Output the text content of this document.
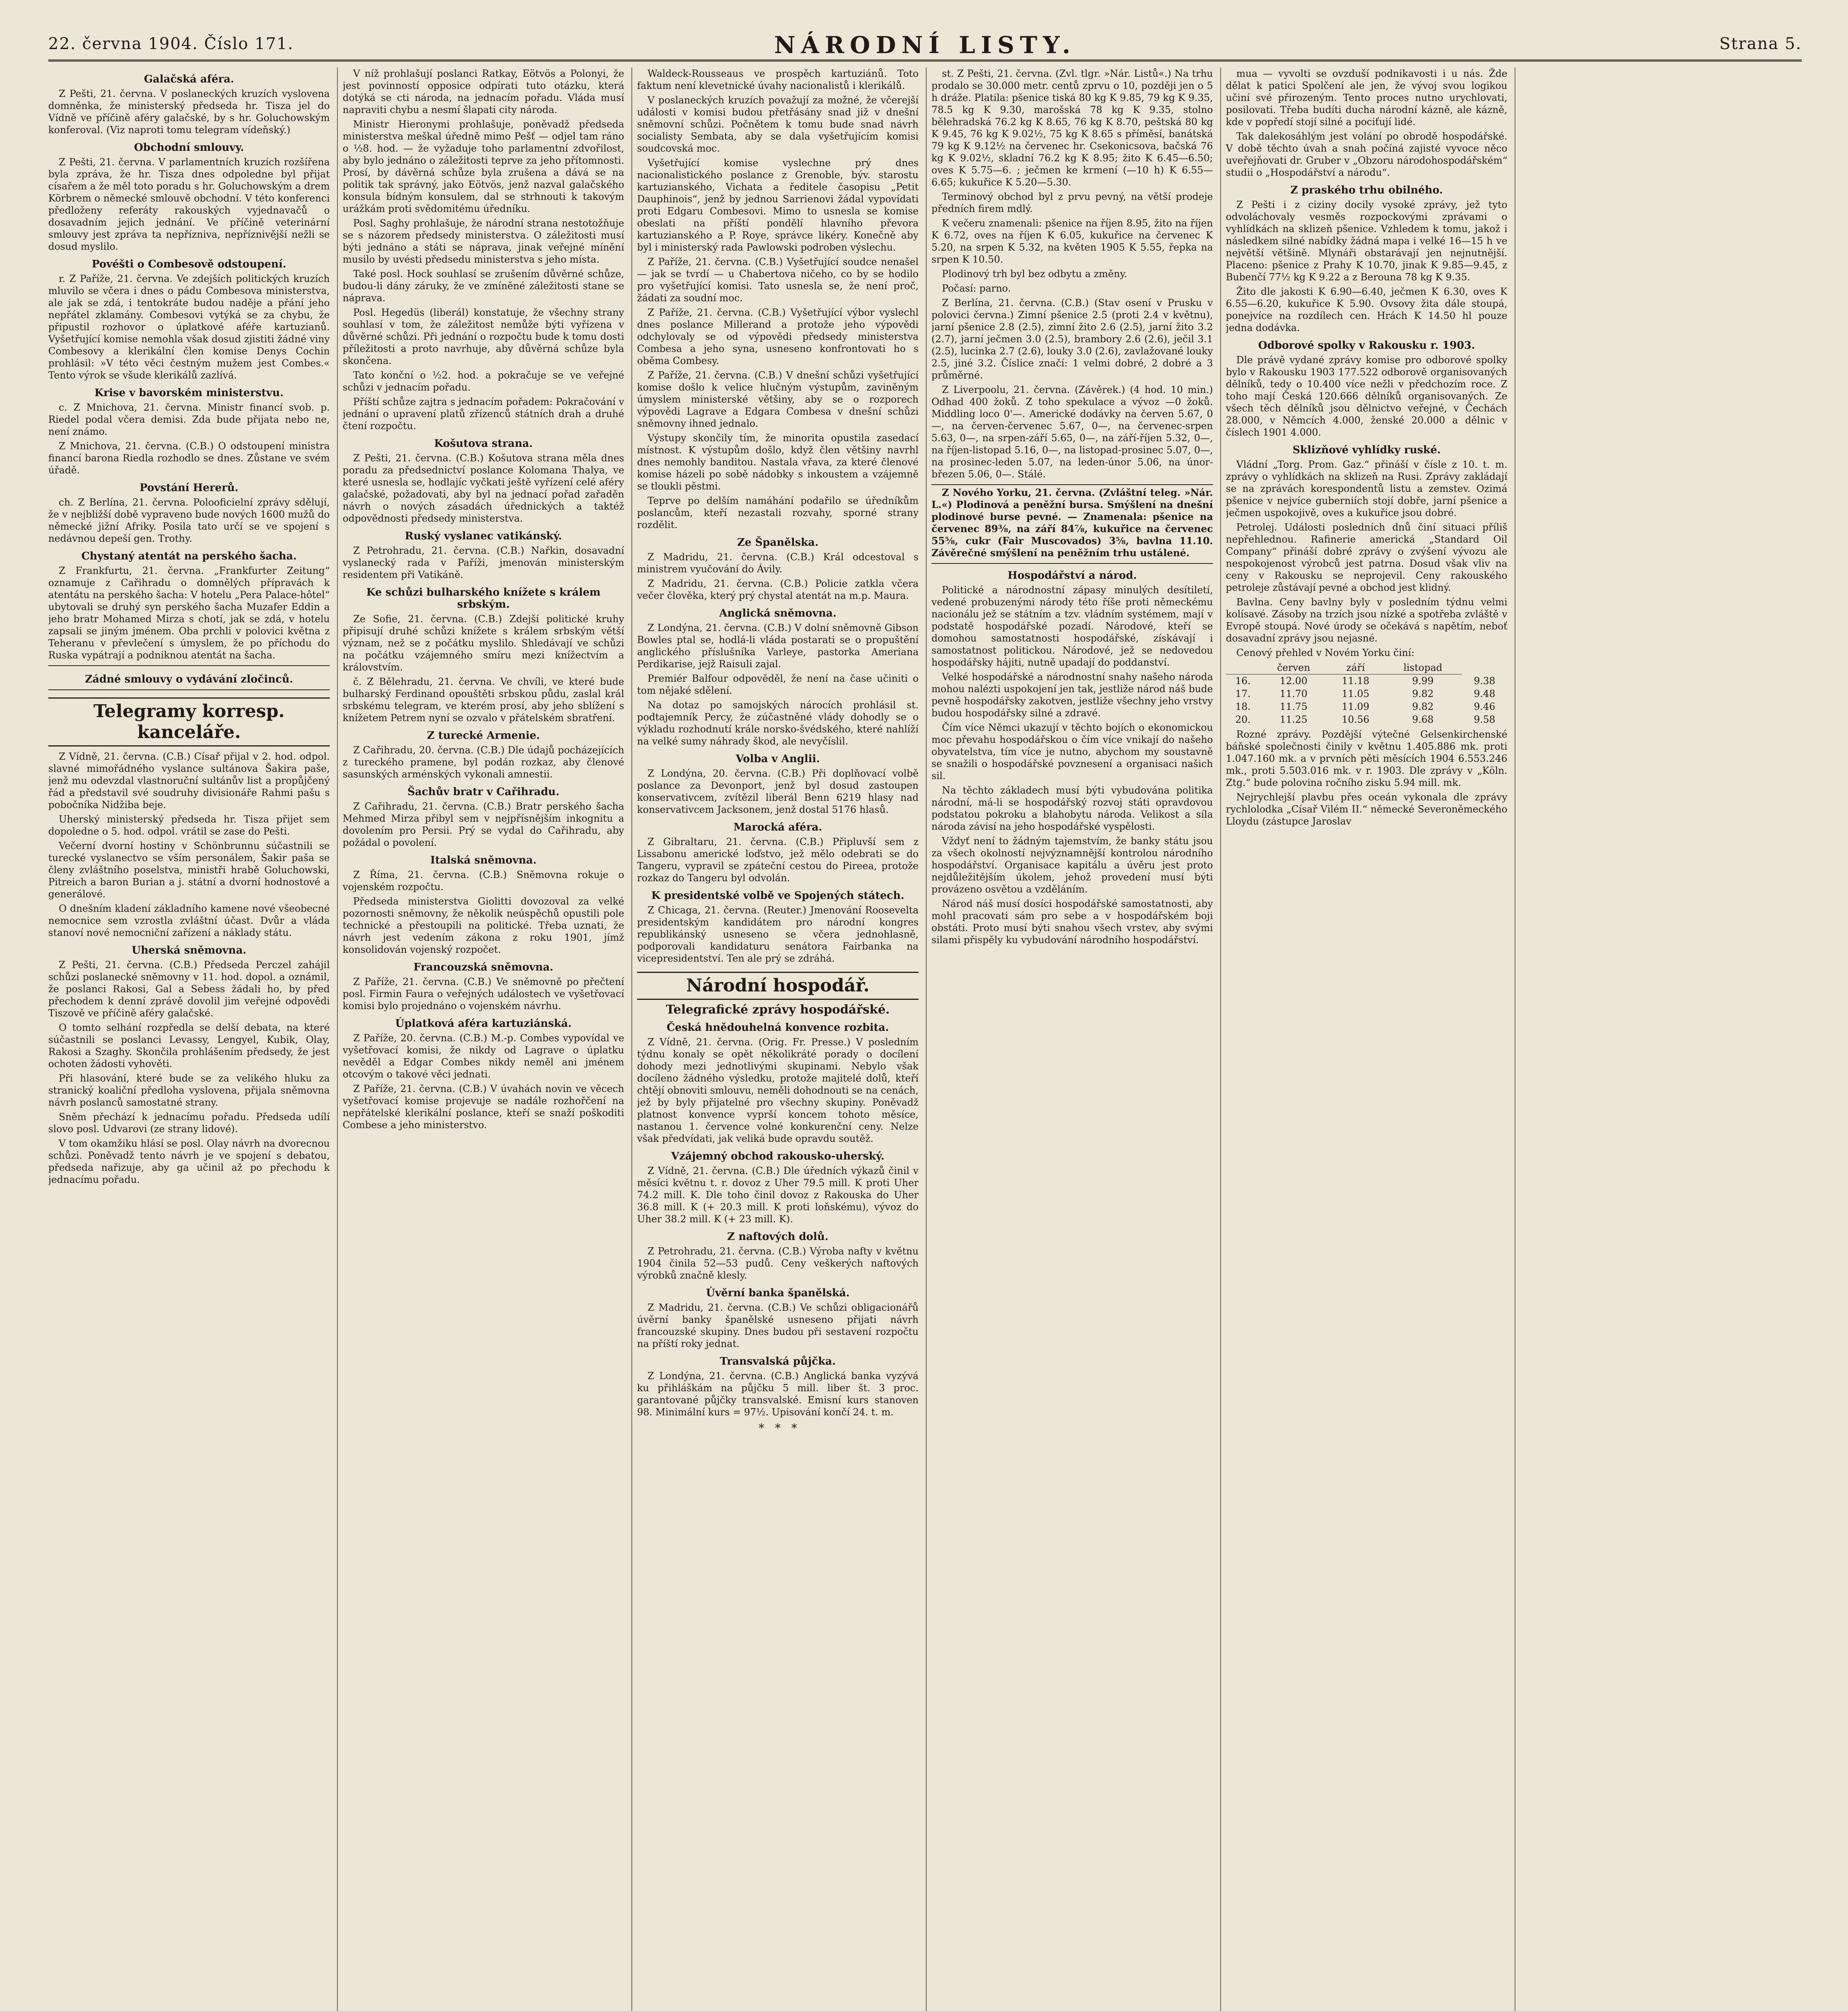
22. června 1904. Číslo 171.	NÁRODNÍ LISTY.	Strana 5.
Galačská aféra.

Z Pešti, 21. června. V poslaneckých kruzích vyslovena domněnka, že ministerský předseda hr. Tisza jel do Vídně ve příčině aféry galačské, by s hr. Goluchowským konferoval. (Viz naproti tomu telegram vídeňský.)

Obchodní smlouvy.

Z Pešti, 21. června. V parlamentních kruzích rozšířena byla zpráva, že hr. Tisza dnes odpoledne byl přijat císařem a že měl toto poradu s hr. Goluchowským a drem Körbrem o německé smlouvě obchodní. V této konferenci předloženy referáty rakouských vyjednavačů o dosavadním jejich jednání. Ve příčině veterinární smlouvy jest zpráva ta nepřízniva, nepříznivější nežli se dosud myslilo.

Povéšti o Combesově odstoupení.

r. Z Paříže, 21. června. Ve zdejších politických kruzích mluvilo se včera i dnes o pádu Combesova ministerstva, ale jak se zdá, i tentokráte budou naděje a přání jeho nepřátel zklamány. Combesovi vytýká se za chybu, že připustil rozhovor o úplatkové aféře kartuzianů. Vyšetřující komise nemohla však dosud zjistiti žádné viny Combesovy a klerikální člen komise Denys Cochin prohlásil: »V této věci čestným mužem jest Combes.« Tento výrok se všude klerikálů zazlívá.

Krise v bavorském ministerstvu.

c. Z Mnichova, 21. června. Ministr financí svob. p. Riedel podal včera demisi. Zda bude přijata nebo ne, není známo.

Z Mnichova, 21. června. (C.B.) O odstoupení ministra financí barona Riedla rozhodlo se dnes. Zůstane ve svém úřadě.

Povstání Hererů.

ch. Z Berlína, 21. června. Polooficielní zprávy sdělují, že v nejbližší době vypraveno bude nových 1600 mužů do německé jižní Afriky. Posila tato určí se ve spojení s nedávnou depeší gen. Trothy.

Chystaný atentát na perského šacha.

Z Frankfurtu, 21. června. „Frankfurter Zeitung“ oznamuje z Cařihradu o domnělých přípravách k atentátu na perského šacha: V hotelu „Pera Palace-hôtel“ ubytovali se druhý syn perského šacha Muzafer Eddin a jeho bratr Mohamed Mirza s chotí, jak se zdá, v hotelu zapsali se jiným jménem. Oba prchli v polovici května z Teheranu v převlečení s úmyslem, že po příchodu do Ruska vypátrají a podniknou atentát na šacha.

Zádné smlouvy o vydávání zločinců.
Telegramy korresp. kanceláře.

Z Vídně, 21. června. (C.B.) Císař přijal v 2. hod. odpol. slavné mimořádného vyslance sultánova Šakira paše, jenž mu odevzdal vlastnoruční sultánův list a propůjčený řád a představil své soudruhy divisionáře Rahmi pašu s pobočníka Nidžiba beje.

Uherský ministerský předseda hr. Tisza přijet sem dopoledne o 5. hod. odpol. vrátil se zase do Pešti.

Večerní dvorní hostiny v Schönbrunnu súčastnili se turecké vyslanectvo se vším personálem, Šakir paša se členy zvláštního poselstva, ministři hrabě Goluchowski, Pitreich a baron Burian a j. státní a dvorní hodnostové a generálové.

O dnešním kladení základního kamene nové všeobecné nemocnice sem vzrostla zvláštní účast. Dvůr a vláda stanoví nové nemocniční zařízení a náklady státu.

Uherská sněmovna.

Z Pešti, 21. června. (C.B.) Předseda Perczel zahájil schůzi poslanecké sněmovny v 11. hod. dopol. a oznámil, že poslanci Rakosi, Gal a Sebess žádali ho, by před přechodem k denní zprávě dovolil jim veřejné odpovědi Tiszově ve příčině aféry galačské.

O tomto selhání rozpředla se delší debata, na které súčastnili se poslanci Levassy, Lengyel, Kubik, Olay, Rakosi a Szaghy. Skončila prohlášením předsedy, že jest ochoten žádosti vyhověti.

Při hlasování, které bude se za velikého hluku za stranický koaliční předloha vyslovena, přijala sněmovna návrh poslanců samostatné strany.

Sněm přechází k jednacímu pořadu. Předseda udílí slovo posl. Udvarovi (ze strany lidové).

V tom okamžiku hlásí se posl. Olay návrh na dvorecnou schůzi. Poněvadž tento návrh je ve spojení s debatou, předseda nařizuje, aby ga učinil až po přechodu k jednacímu pořadu.

V níž prohlašují poslanci Ratkay, Eötvös a Polonyi, že jest povinností opposice odpírati tuto otázku, která dotýká se cti národa, na jednacím pořadu. Vláda musí napraviti chybu a nesmí šlapati city národa.

Ministr Hieronymi prohlašuje, poněvadž předseda ministerstva meškal úředně mimo Pešť — odjel tam ráno o ½8. hod. — že vyžaduje toho parlamentní zdvořilost, aby bylo jednáno o záležitosti teprve za jeho přítomnosti. Prosí, by dávěrná schůze byla zrušena a dává se na politik tak správný, jako Eötvös, jenž nazval galačského konsula bídným konsulem, dal se strhnouti k takovým urážkám proti svědomitému úředníku.

Posl. Saghy prohlašuje, že národní strana nestotožňuje se s názorem předsedy ministerstva. O záležitosti musí býti jednáno a státi se náprava, jinak veřejné mínění musilo by uvésti předsedu ministerstva s jeho místa.

Také posl. Hock souhlasí se zrušením důvěrné schůze, budou-li dány záruky, že ve zmíněné záležitosti stane se náprava.

Posl. Hegedüs (liberál) konstatuje, že všechny strany souhlasí v tom, že záležitost nemůže býti vyřízena v důvěrné schůzi. Při jednání o rozpočtu bude k tomu dosti příležitosti a proto navrhuje, aby důvěrná schůze byla skončena.

Tato konční o ½2. hod. a pokračuje se ve veřejné schůzi v jednacím pořadu.

Příští schůze zajtra s jednacím pořadem: Pokračování v jednání o upravení platů zřízenců státních drah a druhé čtení rozpočtu.

Košutova strana.

Z Pešti, 21. června. (C.B.) Košutova strana měla dnes poradu za předsednictví poslance Kolomana Thalya, ve které usnesla se, hodlajíc vyčkati ještě vyřízení celé aféry galačské, požadovati, aby byl na jednací pořad zařaděn návrh o nových zásadách úřednických a taktéž odpovědnosti předsedy ministerstva.

Ruský vyslanec vatikánský.

Z Petrohradu, 21. června. (C.B.) Nařkin, dosavadní vyslanecký rada v Paříži, jmenován ministerským residentem při Vatikáně.

Ke schůzi bulharského knížete s králem srbským.

Ze Sofie, 21. června. (C.B.) Zdejší politické kruhy připisují druhé schůzi knížete s králem srbským větší význam, než se z počátku myslilo. Shledávají ve schůzi na počátku vzájemného smíru mezi knížectvím a královstvím.

č. Z Bělehradu, 21. června. Ve chvíli, ve které bude bulharský Ferdinand opouštěti srbskou půdu, zaslal král srbskému telegram, ve kterém prosí, aby jeho sblížení s knížetem Petrem nyní se ozvalo v přátelském sbratření.

Z turecké Armenie.

Z Cařihradu, 20. června. (C.B.) Dle údajů pocházejících z tureckého pramene, byl podán rozkaz, aby členové sasunských arménských vykonali amnestii.

Šachův bratr v Cařihradu.

Z Cařihradu, 21. června. (C.B.) Bratr perského šacha Mehmed Mirza přibyl sem v nejpřísnějším inkognitu a dovolením pro Persii. Prý se vydal do Cařihradu, aby požádal o povolení.

Italská sněmovna.

Z Říma, 21. června. (C.B.) Sněmovna rokuje o vojenském rozpočtu.

Předseda ministerstva Giolitti dovozoval za velké pozornosti sněmovny, že několik neúspěchů opustili pole technické a přestoupili na politické. Třeba uznati, že návrh jest vedením zákona z roku 1901, jímž konsolidován vojenský rozpočet.

Francouzská sněmovna.

Z Paříže, 21. června. (C.B.) Ve sněmovně po přečtení posl. Firmin Faura o veřejných událostech ve vyšetřovací komisi bylo projednáno o vojenském návrhu.

Úplatková aféra kartuziánská.

Z Paříže, 20. června. (C.B.) M.-p. Combes vypovídal ve vyšetřovací komisi, že nikdy od Lagrave o úplatku nevěděl a Edgar Combes nikdy neměl ani jménem otcovým o takové věci jednati.

Z Paříže, 21. června. (C.B.) V úvahách novin ve věcech vyšetřovací komise projevuje se nadále rozhořčení na nepřátelské klerikální poslance, kteří se snaží poškoditi Combese a jeho ministerstvo.

Waldeck-Rousseaus ve prospěch kartuziánů. Toto faktum není klevetnické úvahy nacionalistů i klerikálů.

V poslaneckých kruzích považují za možné, že včerejší události v komisi budou přetřásány snad již v dnešní sněmovní schůzi. Počnětem k tomu bude snad návrh socialisty Sembata, aby se dala vyšetřujícím komisi soudcovská moc.

Vyšetřující komise vyslechne prý dnes nacionalistického poslance z Grenoble, býv. starostu kartuzianského, Vichata a ředitele časopisu „Petit Dauphinois“, jenž by jednou Sarrienovi žádal vypovídati proti Edgaru Combesovi. Mimo to usnesla se komise obeslati na příští pondělí hlavního převora kartuzianského a P. Roye, správce likéry. Konečně aby byl i ministerský rada Pawlowski podroben výslechu.

Z Paříže, 21. června. (C.B.) Vyšetřující soudce nenašel — jak se tvrdí — u Chabertova ničeho, co by se hodilo pro vyšetřující komisi. Tato usnesla se, že není proč, žádati za soudní moc.

Z Paříže, 21. června. (C.B.) Vyšetřující výbor vyslechl dnes poslance Millerand a protože jeho výpovědi odchylovaly se od výpovědi předsedy ministerstva Combesa a jeho syna, usneseno konfrontovati ho s oběma Combesy.

Z Paříže, 21. června. (C.B.) V dnešní schůzi vyšetřující komise došlo k velice hlučným výstupům, zaviněným úmyslem ministerské většiny, aby se o rozporech výpovědi Lagrave a Edgara Combesa v dnešní schůzi sněmovny ihned jednalo.

Výstupy skončily tím, že minorita opustila zasedací místnost. K výstupům došlo, když člen většiny navrhl dnes nemohly banditou. Nastala vřava, za které členové komise házeli po sobě nádobky s inkoustem a vzájemně se tloukli pěstmi.

Teprve po delším namáhání podařilo se úředníkům poslancům, kteří nezastali rozvahy, sporné strany rozdělit.

Ze Španělska.

Z Madridu, 21. června. (C.B.) Král odcestoval s ministrem vyučování do Ávily.

Z Madridu, 21. června. (C.B.) Policie zatkla včera večer člověka, který prý chystal atentát na m.p. Maura.

Anglická sněmovna.

Z Londýna, 21. června. (C.B.) V dolní sněmovně Gibson Bowles ptal se, hodlá-li vláda postarati se o propuštění anglického příslušníka Varleye, pastorka Ameriana Perdikarise, jejž Raisuli zajal.

Premiér Balfour odpověděl, že není na čase učiniti o tom nějaké sdělení.

Na dotaz po samojských nárocích prohlásil st. podtajemník Percy, že zúčastněné vlády dohodly se o výkladu rozhodnutí krále norsko-švédského, které nahlíží na velké sumy náhrady škod, ale nevyčíslil.

Volba v Anglii.

Z Londýna, 20. června. (C.B.) Při doplňovací volbě poslance za Devonport, jenž byl dosud zastoupen konservativcem, zvítězil liberál Benn 6219 hlasy nad konservativcem Jacksonem, jenž dostal 5176 hlasů.

Marocká aféra.

Z Gibraltaru, 21. června. (C.B.) Připluvší sem z Lissabonu americké loďstvo, jež mělo odebrati se do Tangeru, vypravil se zpáteční cestou do Pireea, protože rozkaz do Tangeru byl odvolán.

K presidentské volbě ve Spojených státech.

Z Chicaga, 21. června. (Reuter.) Jmenování Roosevelta presidentským kandidátem pro národní kongres republikánský usneseno se včera jednohlasně, podporovali kandidaturu senátora Fairbanka na vicepresidentství. Ten ale prý se zdráhá.

Národní hospodář.
Telegrafické zprávy hospodářské.
Česká hnědouhelná konvence rozbita.

Z Vídně, 21. června. (Orig. Fr. Presse.) V posledním týdnu konaly se opět několikráté porady o docílení dohody mezi jednotlivými skupinami. Nebylo však docíleno žádného výsledku, protože majitelé dolů, kteří chtějí obnoviti smlouvu, neměli dohodnouti se na cenách, jež by byly přijatelné pro všechny skupiny. Poněvadž platnost konvence vyprší koncem tohoto měsíce, nastanou 1. července volné konkurenční ceny. Nelze však předvídati, jak veliká bude opravdu soutěž.

Vzájemný obchod rakousko-uherský.

Z Vídně, 21. června. (C.B.) Dle úředních výkazů činil v měsíci květnu t. r. dovoz z Uher 79.5 mill. K proti Uher 74.2 mill. K. Dle toho činil dovoz z Rakouska do Uher 36.8 mill. K (+ 20.3 mill. K proti loňskému), vývoz do Uher 38.2 mill. K (+ 23 mill. K).

Z naftových dolů.

Z Petrohradu, 21. června. (C.B.) Výroba nafty v květnu 1904 činila 52—53 pudů. Ceny veškerých naftových výrobků značně klesly.

Úvěrní banka španělská.

Z Madridu, 21. června. (C.B.) Ve schůzi obligacionářů úvěrní banky španělské usneseno přijati návrh francouzské skupiny. Dnes budou při sestavení rozpočtu na příští roky jednat.

Transvalská půjčka.

Z Londýna, 21. června. (C.B.) Anglická banka vyzývá ku přihláškám na půjčku 5 mill. liber št. 3 proc. garantované půjčky transvalské. Emisní kurs stanoven 98. Minimální kurs = 97½. Upisování končí 24. t. m.

*   *   *

st. Z Pešti, 21. června. (Zvl. tlgr. »Nár. Listů«.) Na trhu prodalo se 30.000 metr. centů zprvu o 10, později jen o 5 h dráže. Platila: pšenice tiská 80 kg K 9.85, 79 kg K 9.35, 78.5 kg K 9.30, marošská 78 kg K 9.35, stolno bělehradská 76.2 kg K 8.65, 76 kg K 8.70, peštská 80 kg K 9.45, 76 kg K 9.02½, 75 kg K 8.65 s příměsí, banátská 79 kg K 9.12½ na červenec hr. Csekonicsova, bačská 76 kg K 9.02½, skladní 76.2 kg K 8.95; žito K 6.45—6.50; oves K 5.75—6. ; ječmen ke krmení (—10 h) K 6.55—6.65; kukuřice K 5.20—5.30.

Terminový obchod byl z prvu pevný, na větší prodeje předních firem mdlý.

K večeru znamenali: pšenice na říjen 8.95, žito na říjen K 6.72, oves na říjen K 6.05, kukuřice na červenec K 5.20, na srpen K 5.32, na květen 1905 K 5.55, řepka na srpen K 10.50.

Plodinový trh byl bez odbytu a změny.

Počasí: parno.

Z Berlína, 21. června. (C.B.) (Stav osení v Prusku v polovici června.) Zimní pšenice 2.5 (proti 2.4 v květnu), jarní pšenice 2.8 (2.5), zimní žito 2.6 (2.5), jarní žito 3.2 (2.7), jarní ječmen 3.0 (2.5), brambory 2.6 (2.6), ječil 3.1 (2.5), lucinka 2.7 (2.6), louky 3.0 (2.6), zavlažované louky 2.5, jiné 3.2. Číslice značí: 1 velmi dobré, 2 dobré a 3 průměrné.

Z Liverpoolu, 21. června. (Závěrek.) (4 hod. 10 min.) Odhad 400 žoků. Z toho spekulace a vývoz —0 žoků. Middling loco 0'—. Americké dodávky na červen 5.67, 0—, na červen-červenec 5.67, 0—, na červenec-srpen 5.63, 0—, na srpen-září 5.65, 0—, na září-říjen 5.32, 0—, na říjen-listopad 5.16, 0—, na listopad-prosinec 5.07, 0—, na prosinec-leden 5.07, na leden-únor 5.06, na únor-březen 5.06, 0—. Stálé.

Z Nového Yorku, 21. června. (Zvláštní teleg. »Nár. L.«) Plodinová a peněžní bursa. Smýšlení na dnešní plodinové burse pevné. — Znamenala: pšenice na červenec 89⅜, na září 84⅞, kukuřice na červenec 55⅝, cukr (Fair Muscovados) 3⅝, bavlna 11.10. Závěrečné smýšlení na peněžním trhu ustálené.

Hospodářství a národ.

Politické a národnostní zápasy minulých desítiletí, vedené probuzenými národy této říše proti německému nacionálu jež se státním a tzv. vládním systémem, mají v podstatě hospodářské pozadí. Národové, kteří se domohou samostatnosti hospodářské, získávají i samostatnost politickou. Národové, jež se nedovedou hospodářsky hájiti, nutně upadají do poddanství.

Velké hospodářské a národnostní snahy našeho národa mohou nalézti uspokojení jen tak, jestliže národ náš bude pevně hospodářsky zakotven, jestliže všechny jeho vrstvy budou hospodářsky silné a zdravé.

Čím více Němci ukazují v těchto bojích o ekonomickou moc převahu hospodářskou o čím více vnikají do našeho obyvatelstva, tím více je nutno, abychom my soustavně se snažili o hospodářské povznesení a organisaci našich sil.

Na těchto základech musí býti vybudována politika národní, má-li se hospodářský rozvoj státi opravdovou podstatou pokroku a blahobytu národa. Velikost a síla národa závisí na jeho hospodářské vyspělosti.

Vždyť není to žádným tajemstvím, že banky státu jsou za všech okolností nejvýznamnější kontrolou národního hospodářství. Organisace kapitálu a úvěru jest proto nejdůležitějším úkolem, jehož provedení musí býti provázeno osvětou a vzděláním.

Národ náš musí dosíci hospodářské samostatnosti, aby mohl pracovati sám pro sebe a v hospodářském boji obstáti. Proto musí býti snahou všech vrstev, aby svými silami přispěly ku vybudování národního hospodářství.

mua — vyvolti se ovzduší podnikavosti i u nás. Žde dělat k patici Spolčení ale jen, že vývoj svou logikou učiní své přirozeným. Tento proces nutno urychlovati, posilovati. Třeba budíti ducha národní kázně, ale kázně, kde v popředí stojí silné a pociťují lidé.

Tak dalekosáhlým jest volání po obrodě hospodářské. V době těchto úvah a snah počíná zajisté vyvoce něco uveřejňovati dr. Gruber v „Obzoru národohospodářském“ studii o „Hospodářství a národu“.

Z praského trhu obilného.

Z Pešti i z ciziny docily vysoké zprávy, jež tyto odvoláchovaly vesměs rozpockovými zprávami o vyhlídkách na sklizeň pšenice. Vzhledem k tomu, jakož i následkem silné nabídky žádná mapa i velké 16—15 h ve největší většině. Mlynáři obstarávají jen nejnutnější. Placeno: pšenice z Prahy K 10.70, jinak K 9.85—9.45, z Bubenčí 77½ kg K 9.22 a z Berouna 78 kg K 9.35.

Žito dle jakosti K 6.90—6.40, ječmen K 6.30, oves K 6.55—6.20, kukuřice K 5.90. Ovsovy žita dále stoupá, ponejvíce na rozdílech cen. Hrách K 14.50 hl pouze jedna dodávka.

Odborové spolky v Rakousku r. 1903.

Dle právě vydané zprávy komise pro odborové spolky bylo v Rakousku 1903 177.522 odborově organisovaných dělníků, tedy o 10.400 více nežli v předchozím roce. Z toho mají Česká 120.666 dělníků organisovaných. Ze všech těch dělníků jsou dělnictvo veřejné, v Čechách 28.000, v Němcích 4.000, ženské 20.000 a dělnic v číslech 1901 4.000.

Sklizňové vyhlídky ruské.

Vládní „Torg. Prom. Gaz.“ přináší v čísle z 10. t. m. zprávy o vyhlídkách na sklizeň na Rusi. Zprávy zakládají se na zprávách korespondentů listu a zemstev. Ozimá pšenice v nejvíce guberniích stojí dobře, jarní pšenice a ječmen uspokojivě, oves a kukuřice jsou dobré.

Petrolej. Události posledních dnů činí situaci příliš nepřehlednou. Rafinerie americká „Standard Oil Company“ přináší dobré zprávy o zvýšení vývozu ale nespokojenost výrobců jest patrna. Dosud však vliv na ceny v Rakousku se neprojevil. Ceny rakouského petroleje zůstávají pevné a obchod jest klidný.

Bavlna. Ceny bavlny byly v posledním týdnu velmi kolísavé. Zásoby na trzích jsou nízké a spotřeba zvláště v Evropě stoupá. Nové úrody se očekává s napětím, neboť dosavadní zprávy jsou nejasné.

Cenový přehled v Novém Yorku činí:

	červen	září	listopad	
16.	12.00	11.18	9.99	9.38
17.	11.70	11.05	9.82	9.48
18.	11.75	11.09	9.82	9.46
20.	11.25	10.56	9.68	9.58

Rozné zprávy. Pozdější výtečné Gelsenkirchenské báňské společnosti činily v květnu 1.405.886 mk. proti 1.047.160 mk. a v prvních pěti měsících 1904 6.553.246 mk., proti 5.503.016 mk. v r. 1903. Dle zprávy v „Köln. Ztg.“ bude polovina ročního zisku 5.94 mill. mk.

Nejrychlejší plavbu přes oceán vykonala dle zprávy rychlolodka „Císař Vilém II.“ německé Severoněmeckého Lloydu (zástupce Jaroslav
